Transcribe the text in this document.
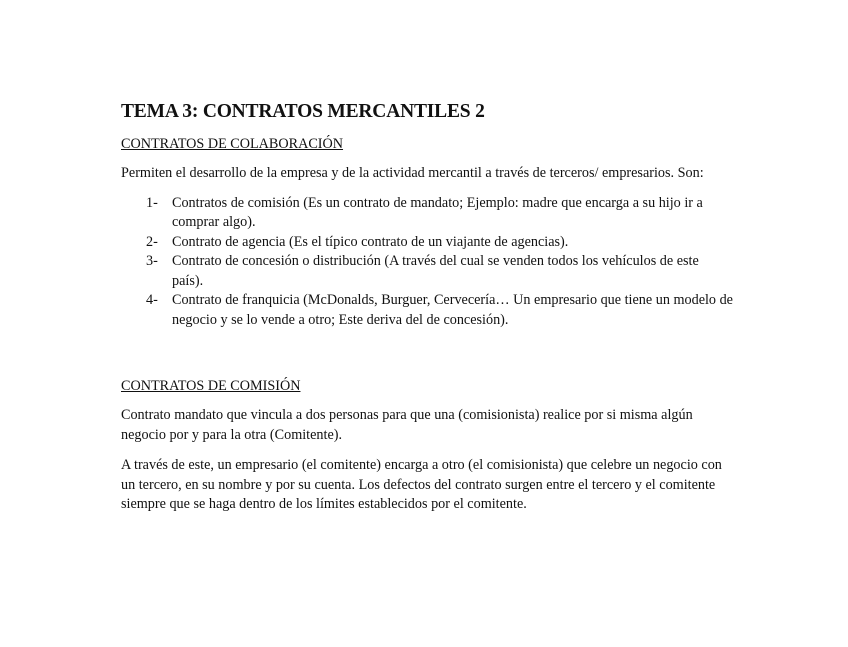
TEMA 3: CONTRATOS MERCANTILES 2
CONTRATOS DE COLABORACIÓN

Permiten el desarrollo de la empresa y de la actividad mercantil a través de terceros/ empresarios. Son:

1- Contratos de comisión (Es un contrato de mandato; Ejemplo: madre que encarga a su hijo ir a comprar algo).
2- Contrato de agencia (Es el típico contrato de un viajante de agencias).
3- Contrato de concesión o distribución (A través del cual se venden todos los vehículos de este país).
4- Contrato de franquicia (McDonalds, Burguer, Cervecería… Un empresario que tiene un modelo de negocio y se lo vende a otro; Este deriva del de concesión).
CONTRATOS DE COMISIÓN

Contrato mandato que vincula a dos personas para que una (comisionista) realice por si misma algún negocio por y para la otra (Comitente).

A través de este, un empresario (el comitente) encarga a otro (el comisionista) que celebre un negocio con un tercero, en su nombre y por su cuenta. Los defectos del contrato surgen entre el tercero y el comitente siempre que se haga dentro de los límites establecidos por el comitente.
